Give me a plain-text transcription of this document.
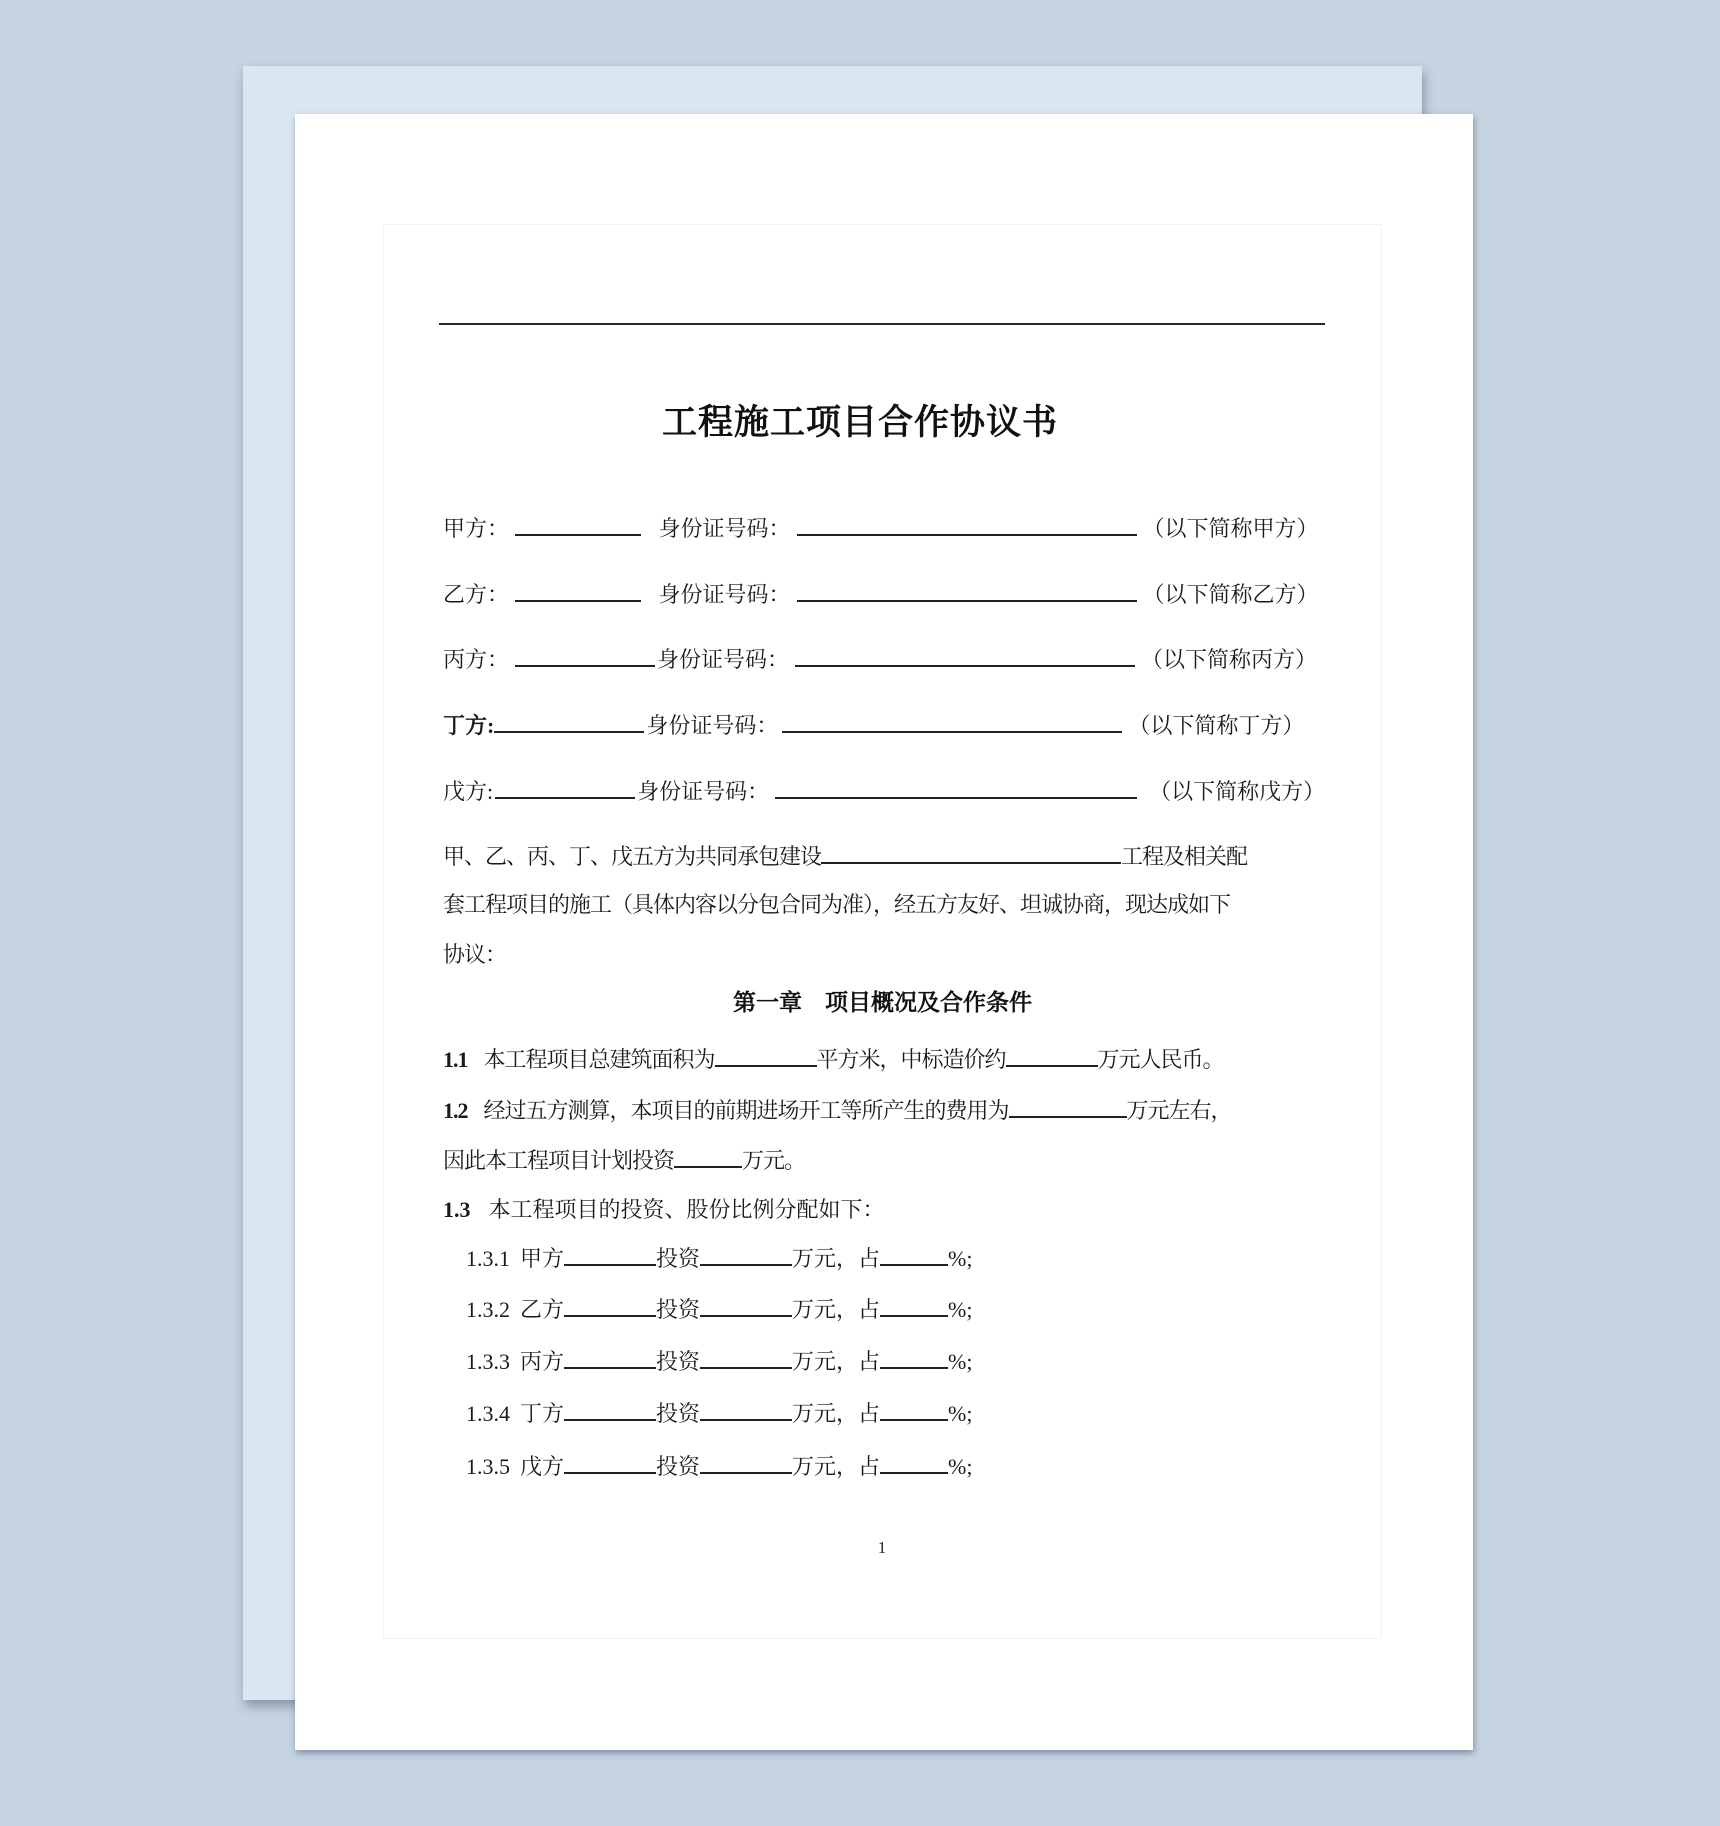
工程施工项目合作协议书
甲方：	身份证号码：	（以下简称甲方）
乙方：	身份证号码：	（以下简称乙方）
丙方：	身份证号码：	（以下简称丙方）
丁方:	身份证号码：	（以下简称丁方）
戊方:	身份证号码：	（以下简称戊方）
甲、乙、丙、丁、戊五方为共同承包建设	工程及相关配
套工程项目的施工（具体内容以分包合同为准），经五方友好、坦诚协商，现达成如下
协议：
第一章　项目概况及合作条件
1.1 本工程项目总建筑面积为	平方米，中标造价约	万元人民币。
1.2 经过五方测算，本项目的前期进场开工等所产生的费用为	万元左右，
因此本工程项目计划投资	万元。
1.3 本工程项目的投资、股份比例分配如下：
1.3.1 甲方	投资	万元，占	%;
1.3.2 乙方	投资	万元，占	%;
1.3.3 丙方	投资	万元，占	%;
1.3.4 丁方	投资	万元，占	%;
1.3.5 戊方	投资	万元，占	%;
1
